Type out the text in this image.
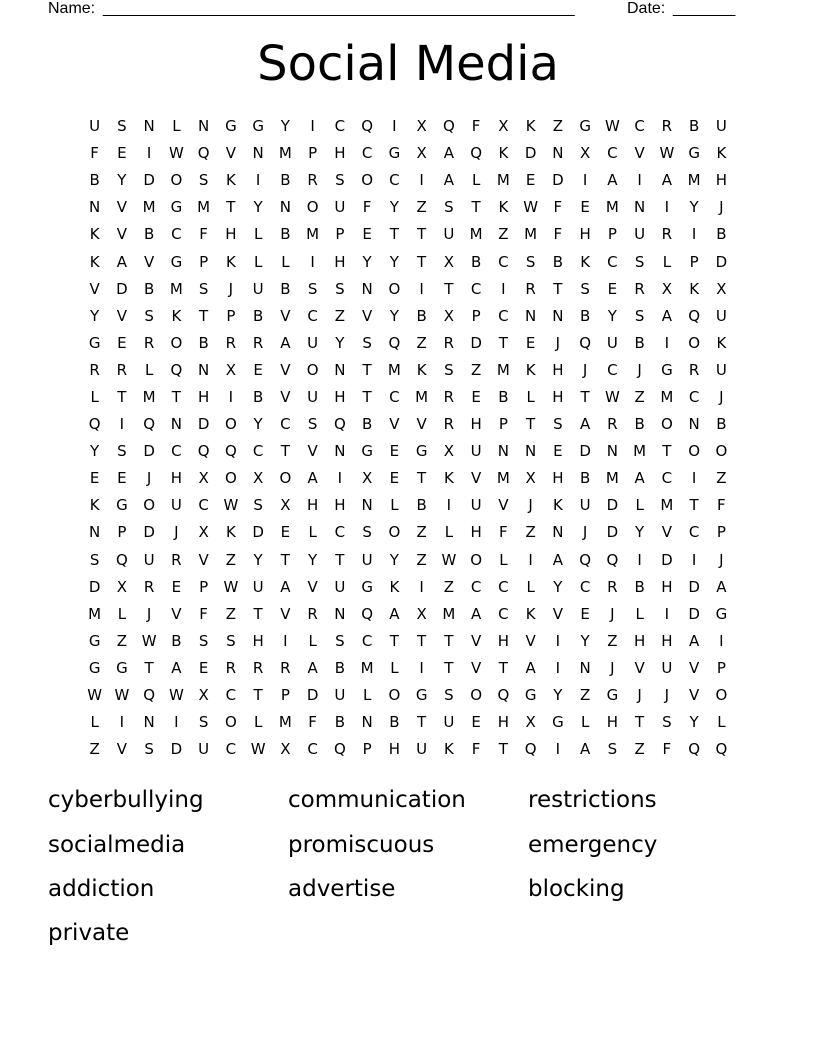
Name: _____________________________________________________	Date: _______
Social Media
U	S	N	L	N	G	G	Y	I	C	Q	I	X	Q	F	X	K	Z	G W C	R	B	U
F	E	I	W Q	V	N	M	P	H	C	G	X	A	Q	K	D	N	X	C	V W G	K
B	Y	D	O	S	K	I	B	R	S	O	C	I	A	L	M	E	D	I	A	I	A	M	H
N	V	M G M	T	Y	N	O	U	F	Y	Z	S	T	K W	F	E	M	N	I	Y	J
K	V	B	C	F	H	L	B	M	P	E	T	T	U	M	Z	M	F	H	P	U	R	I	B
K	A	V	G	P	K	L	L	I	H	Y	Y	T	X	B	C	S	B	K	C	S	L	P	D
V	D	B	M	S	J	U	B	S	S	N	O	I	T	C	I	R	T	S	E	R	X	K	X
Y	V	S	K	T	P	B	V	C	Z	V	Y	B	X	P	C	N	N	B	Y	S	A	Q	U
G	E	R	O	B	R	R	A	U	Y	S	Q	Z	R	D	T	E	J	Q	U	B	I	O	K
R	R	L	Q	N	X	E	V	O	N	T	M	K	S	Z	M	K	H	J	C	J	G	R	U
L	T	M	T	H	I	B	V	U	H	T	C	M	R	E	B	L	H	T	W Z	M	C	J
Q	I	Q	N	D	O	Y	C	S	Q	B	V	V	R	H	P	T	S	A	R	B	O	N	B
Y	S	D	C	Q	Q	C	T	V	N	G	E	G	X	U	N	N	E	D	N	M	T	O	O
E	E	J	H	X	O	X	O	A	I	X	E	T	K	V	M	X	H	B	M	A	C	I	Z
K	G	O	U	C W	S	X	H	H	N	L	B	I	U	V	J	K	U	D	L	M	T	F
N	P	D	J	X	K	D	E	L	C	S	O	Z	L	H	F	Z	N	J	D	Y	V	C	P
S	Q	U	R	V	Z	Y	T	Y	T	U	Y	Z W O	L	I	A	Q	Q	I	D	I	J
D	X	R	E	P	W U	A	V	U	G	K	I	Z	C	C	L	Y	C	R	B	H	D	A
M	L	J	V	F	Z	T	V	R	N	Q	A	X	M	A	C	K	V	E	J	L	I	D	G
G	Z W B	S	S	H	I	L	S	C	T	T	T	V	H	V	I	Y	Z	H	H	A	I
G	G	T	A	E	R	R	R	A	B	M	L	I	T	V	T	A	I	N	J	V	U	V	P
W W Q W X	C	T	P	D	U	L	O	G	S	O	Q	G	Y	Z	G	J	J	V	O
L	I	N	I	S	O	L	M	F	B	N	B	T	U	E	H	X	G	L	H	T	S	Y	L
Z	V	S	D	U	C W X	C	Q	P	H	U	K	F	T	Q	I	A	S	Z	F	Q	Q
cyberbullying	communication	restrictions
socialmedia	promiscuous	emergency
addiction	advertise	blocking
private
